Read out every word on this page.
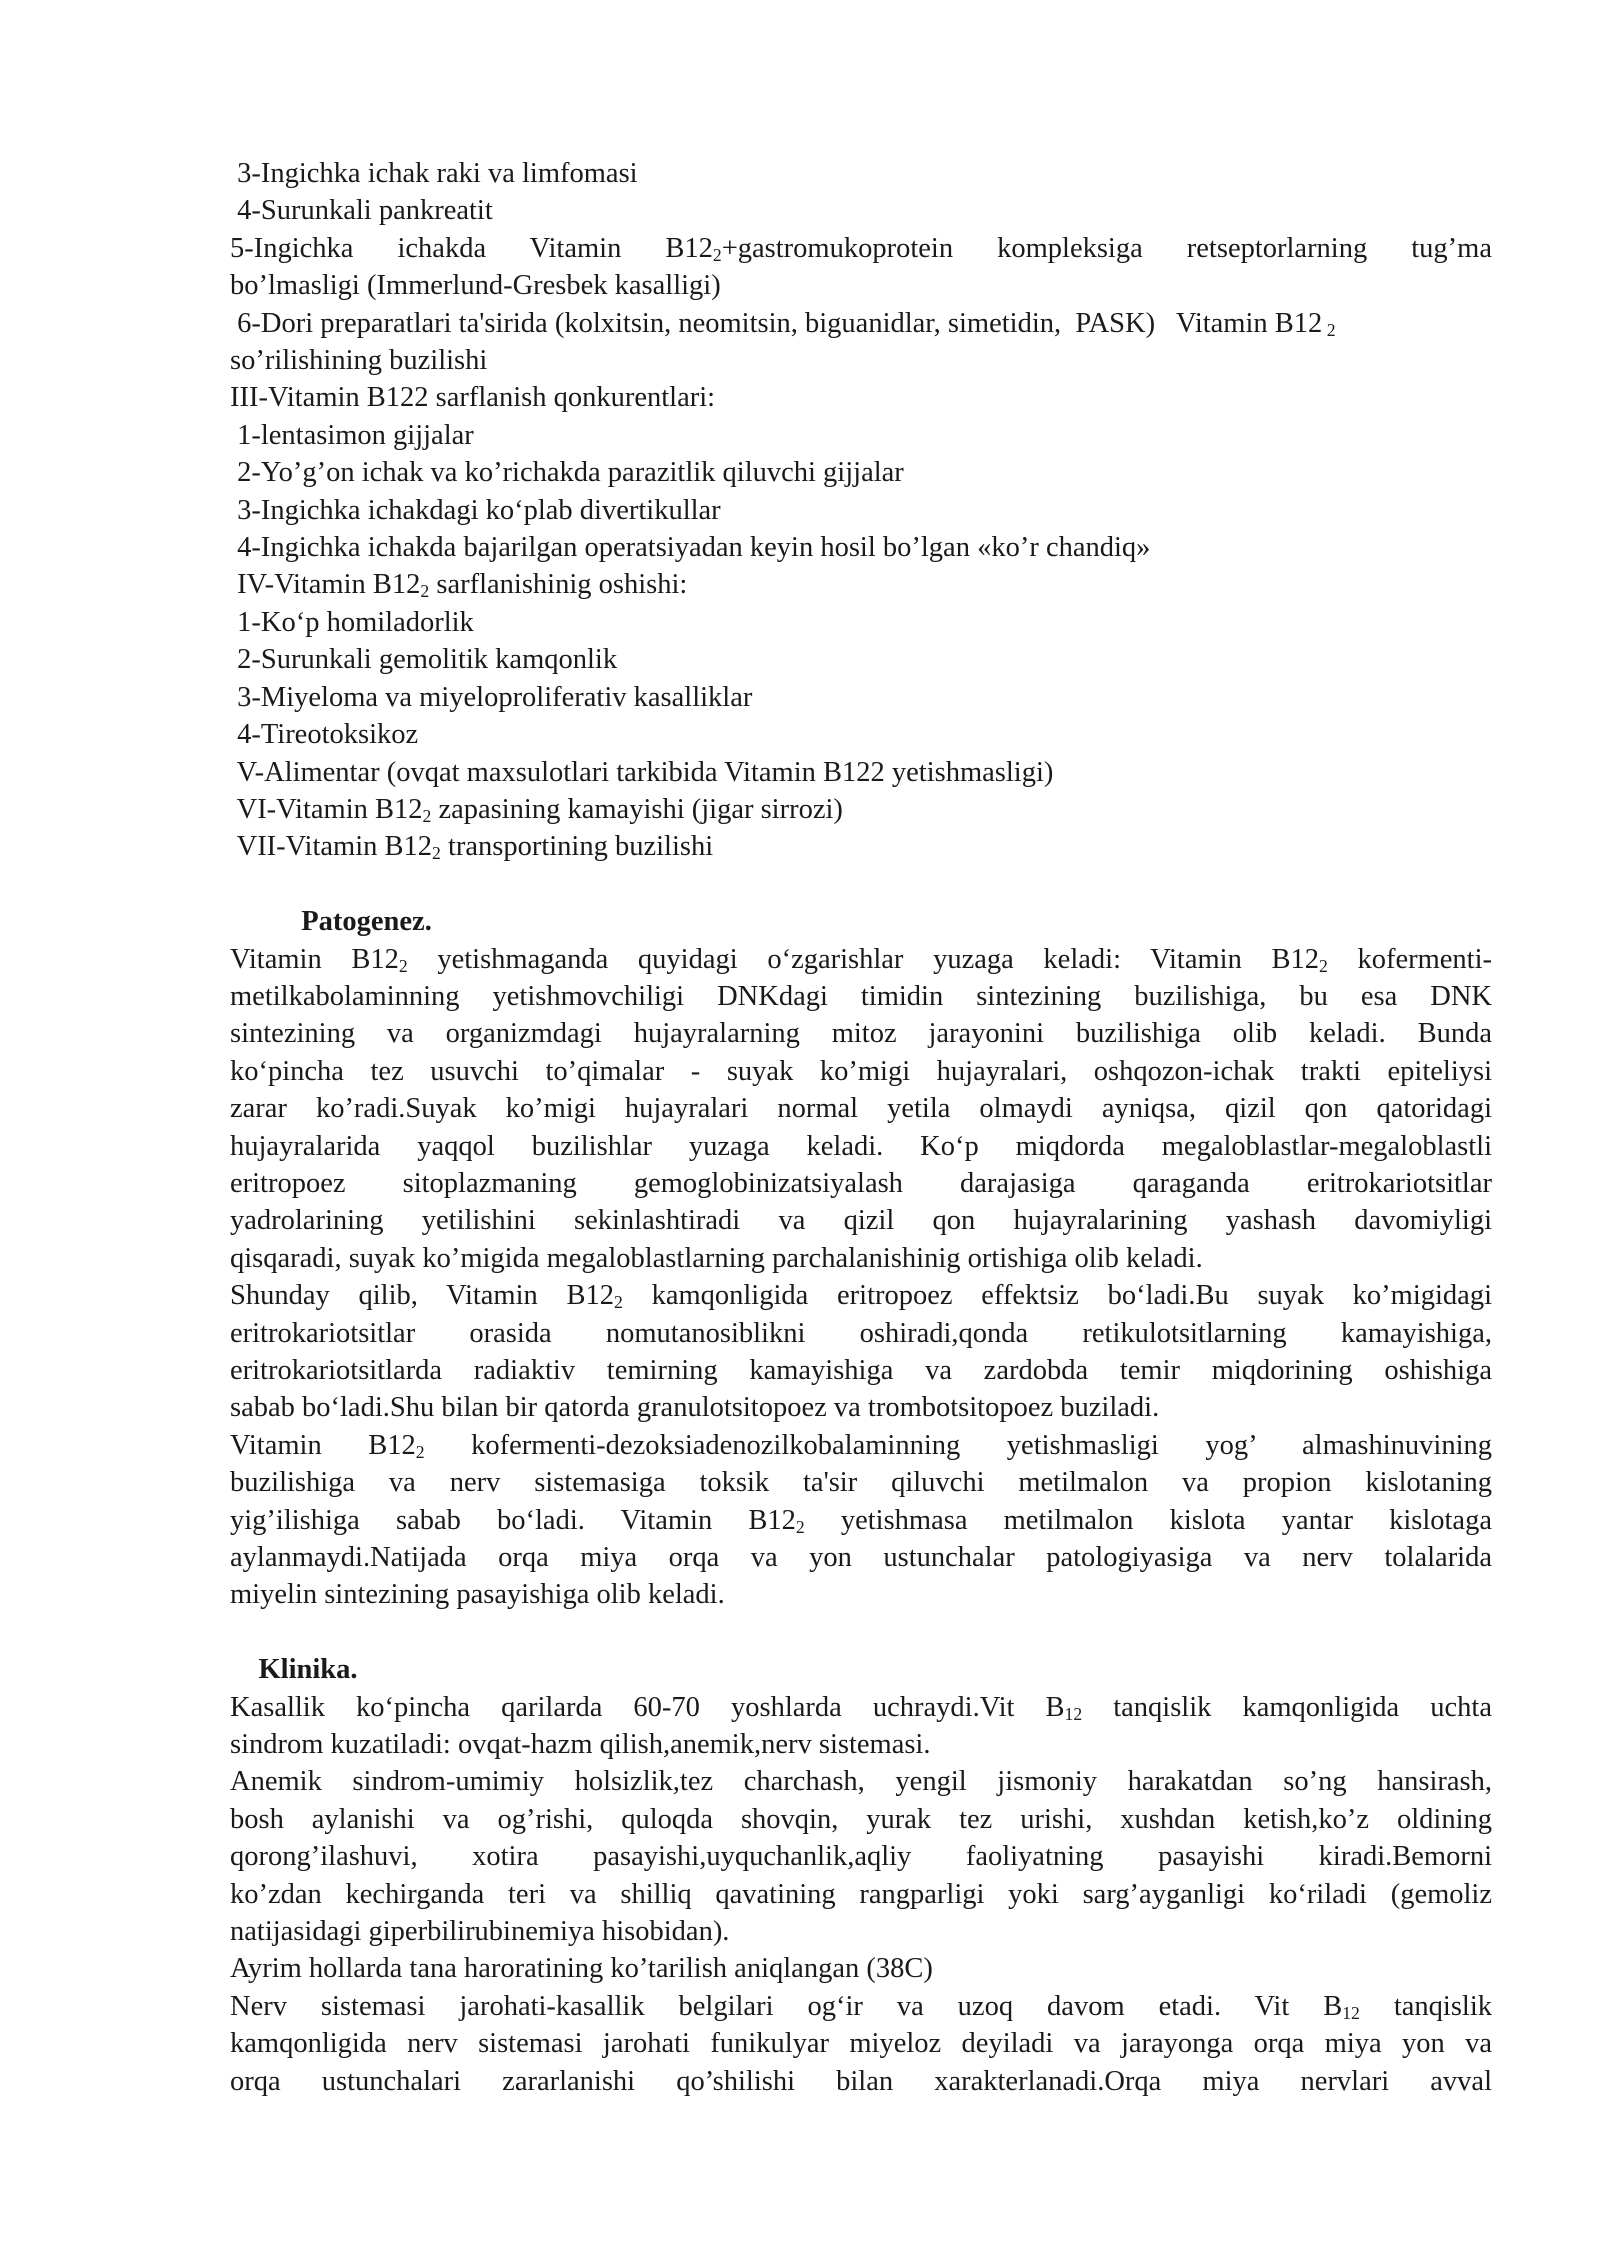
3-Ingichka ichak raki va limfomasi
4-Surunkali pankreatit
5-Ingichka ichakda Vitamin $B12_2+gastromukoprotein$ kompleksiga retseptorlarning tug’ma
bo’lmasligi (Immerlund-Gresbek kasalligi)
6-Dori preparatlari ta'sirida (kolxitsin, neomitsin, biguanidlar, simetidin,  PASK)   Vitamin B12 $_2$
so’rilishining buzilishi
III-Vitamin B122 sarflanish qonkurentlari:
1-lentasimon gijjalar
2-Yo’g’on ichak va ko’richakda parazitlik qiluvchi gijjalar
3-Ingichka ichakdagi ko‘plab divertikullar
4-Ingichka ichakda bajarilgan operatsiyadan keyin hosil bo’lgan «ko’r chandiq»
IV-Vitamin $B12_2$ sarflanishinig oshishi:
1-Ko‘p homiladorlik
2-Surunkali gemolitik kamqonlik
3-Miyeloma va miyeloproliferativ kasalliklar
4-Tireotoksikoz
V-Alimentar (ovqat maxsulotlari tarkibida Vitamin B122 yetishmasligi)
VI-Vitamin $B12_2$ zapasining kamayishi (jigar sirrozi)
VII-Vitamin $B12_2$ transportining buzilishi
Patogenez.
Vitamin $B12_2$ yetishmaganda quyidagi o‘zgarishlar yuzaga keladi: Vitamin $B12_2$ kofermenti-
metilkabolaminning yetishmovchiligi DNKdagi timidin sintezining buzilishiga, bu esa DNK
sintezining va organizmdagi hujayralarning mitoz jarayonini buzilishiga olib keladi. Bunda
ko‘pincha tez usuvchi to’qimalar - suyak ko’migi hujayralari, oshqozon-ichak trakti epiteliysi
zarar ko’radi.Suyak ko’migi hujayralari normal yetila olmaydi ayniqsa, qizil qon qatoridagi
hujayralarida yaqqol buzilishlar yuzaga keladi. Ko‘p miqdorda megaloblastlar-megaloblastli
eritropoez sitoplazmaning gemoglobinizatsiyalash darajasiga qaraganda eritrokariotsitlar
yadrolarining yetilishini sekinlashtiradi va qizil qon hujayralarining yashash davomiyligi
qisqaradi, suyak ko’migida megaloblastlarning parchalanishinig ortishiga olib keladi.
Shunday qilib, Vitamin $B12_2$ kamqonligida eritropoez effektsiz bo‘ladi.Bu suyak ko’migidagi
eritrokariotsitlar orasida nomutanosiblikni oshiradi,qonda retikulotsitlarning kamayishiga,
eritrokariotsitlarda radiaktiv temirning kamayishiga va zardobda temir miqdorining oshishiga
sabab bo‘ladi.Shu bilan bir qatorda granulotsitopoez va trombotsitopoez buziladi.
Vitamin $B12_2$ kofermenti-dezoksiadenozilkobalaminning yetishmasligi yog’ almashinuvining
buzilishiga va nerv sistemasiga toksik ta'sir qiluvchi metilmalon va propion kislotaning
yig’ilishiga sabab bo‘ladi. Vitamin $B12_2$ yetishmasa metilmalon kislota yantar kislotaga
aylanmaydi.Natijada orqa miya orqa va yon ustunchalar patologiyasiga va nerv tolalarida
miyelin sintezining pasayishiga olib keladi.
Klinika.
Kasallik ko‘pincha qarilarda 60-70 yoshlarda uchraydi.Vit $B_{12}$ tanqislik kamqonligida uchta
sindrom kuzatiladi: ovqat-hazm qilish,anemik,nerv sistemasi.
Anemik sindrom-umimiy holsizlik,tez charchash, yengil jismoniy harakatdan so’ng hansirash,
bosh aylanishi va og’rishi, quloqda shovqin, yurak tez urishi, xushdan ketish,ko’z oldining
qorong’ilashuvi, xotira pasayishi,uyquchanlik,aqliy faoliyatning pasayishi kiradi.Bemorni
ko’zdan kechirganda teri va shilliq qavatining rangparligi yoki sarg’ayganligi ko‘riladi (gemoliz
natijasidagi giperbilirubinemiya hisobidan).
Ayrim hollarda tana haroratining ko’tarilish aniqlangan (38C)
Nerv sistemasi jarohati-kasallik belgilari og‘ir va uzoq davom etadi. Vit $B_{12}$ tanqislik
kamqonligida nerv sistemasi jarohati funikulyar miyeloz deyiladi va jarayonga orqa miya yon va
orqa ustunchalari zararlanishi qo’shilishi bilan xarakterlanadi.Orqa miya nervlari avval
